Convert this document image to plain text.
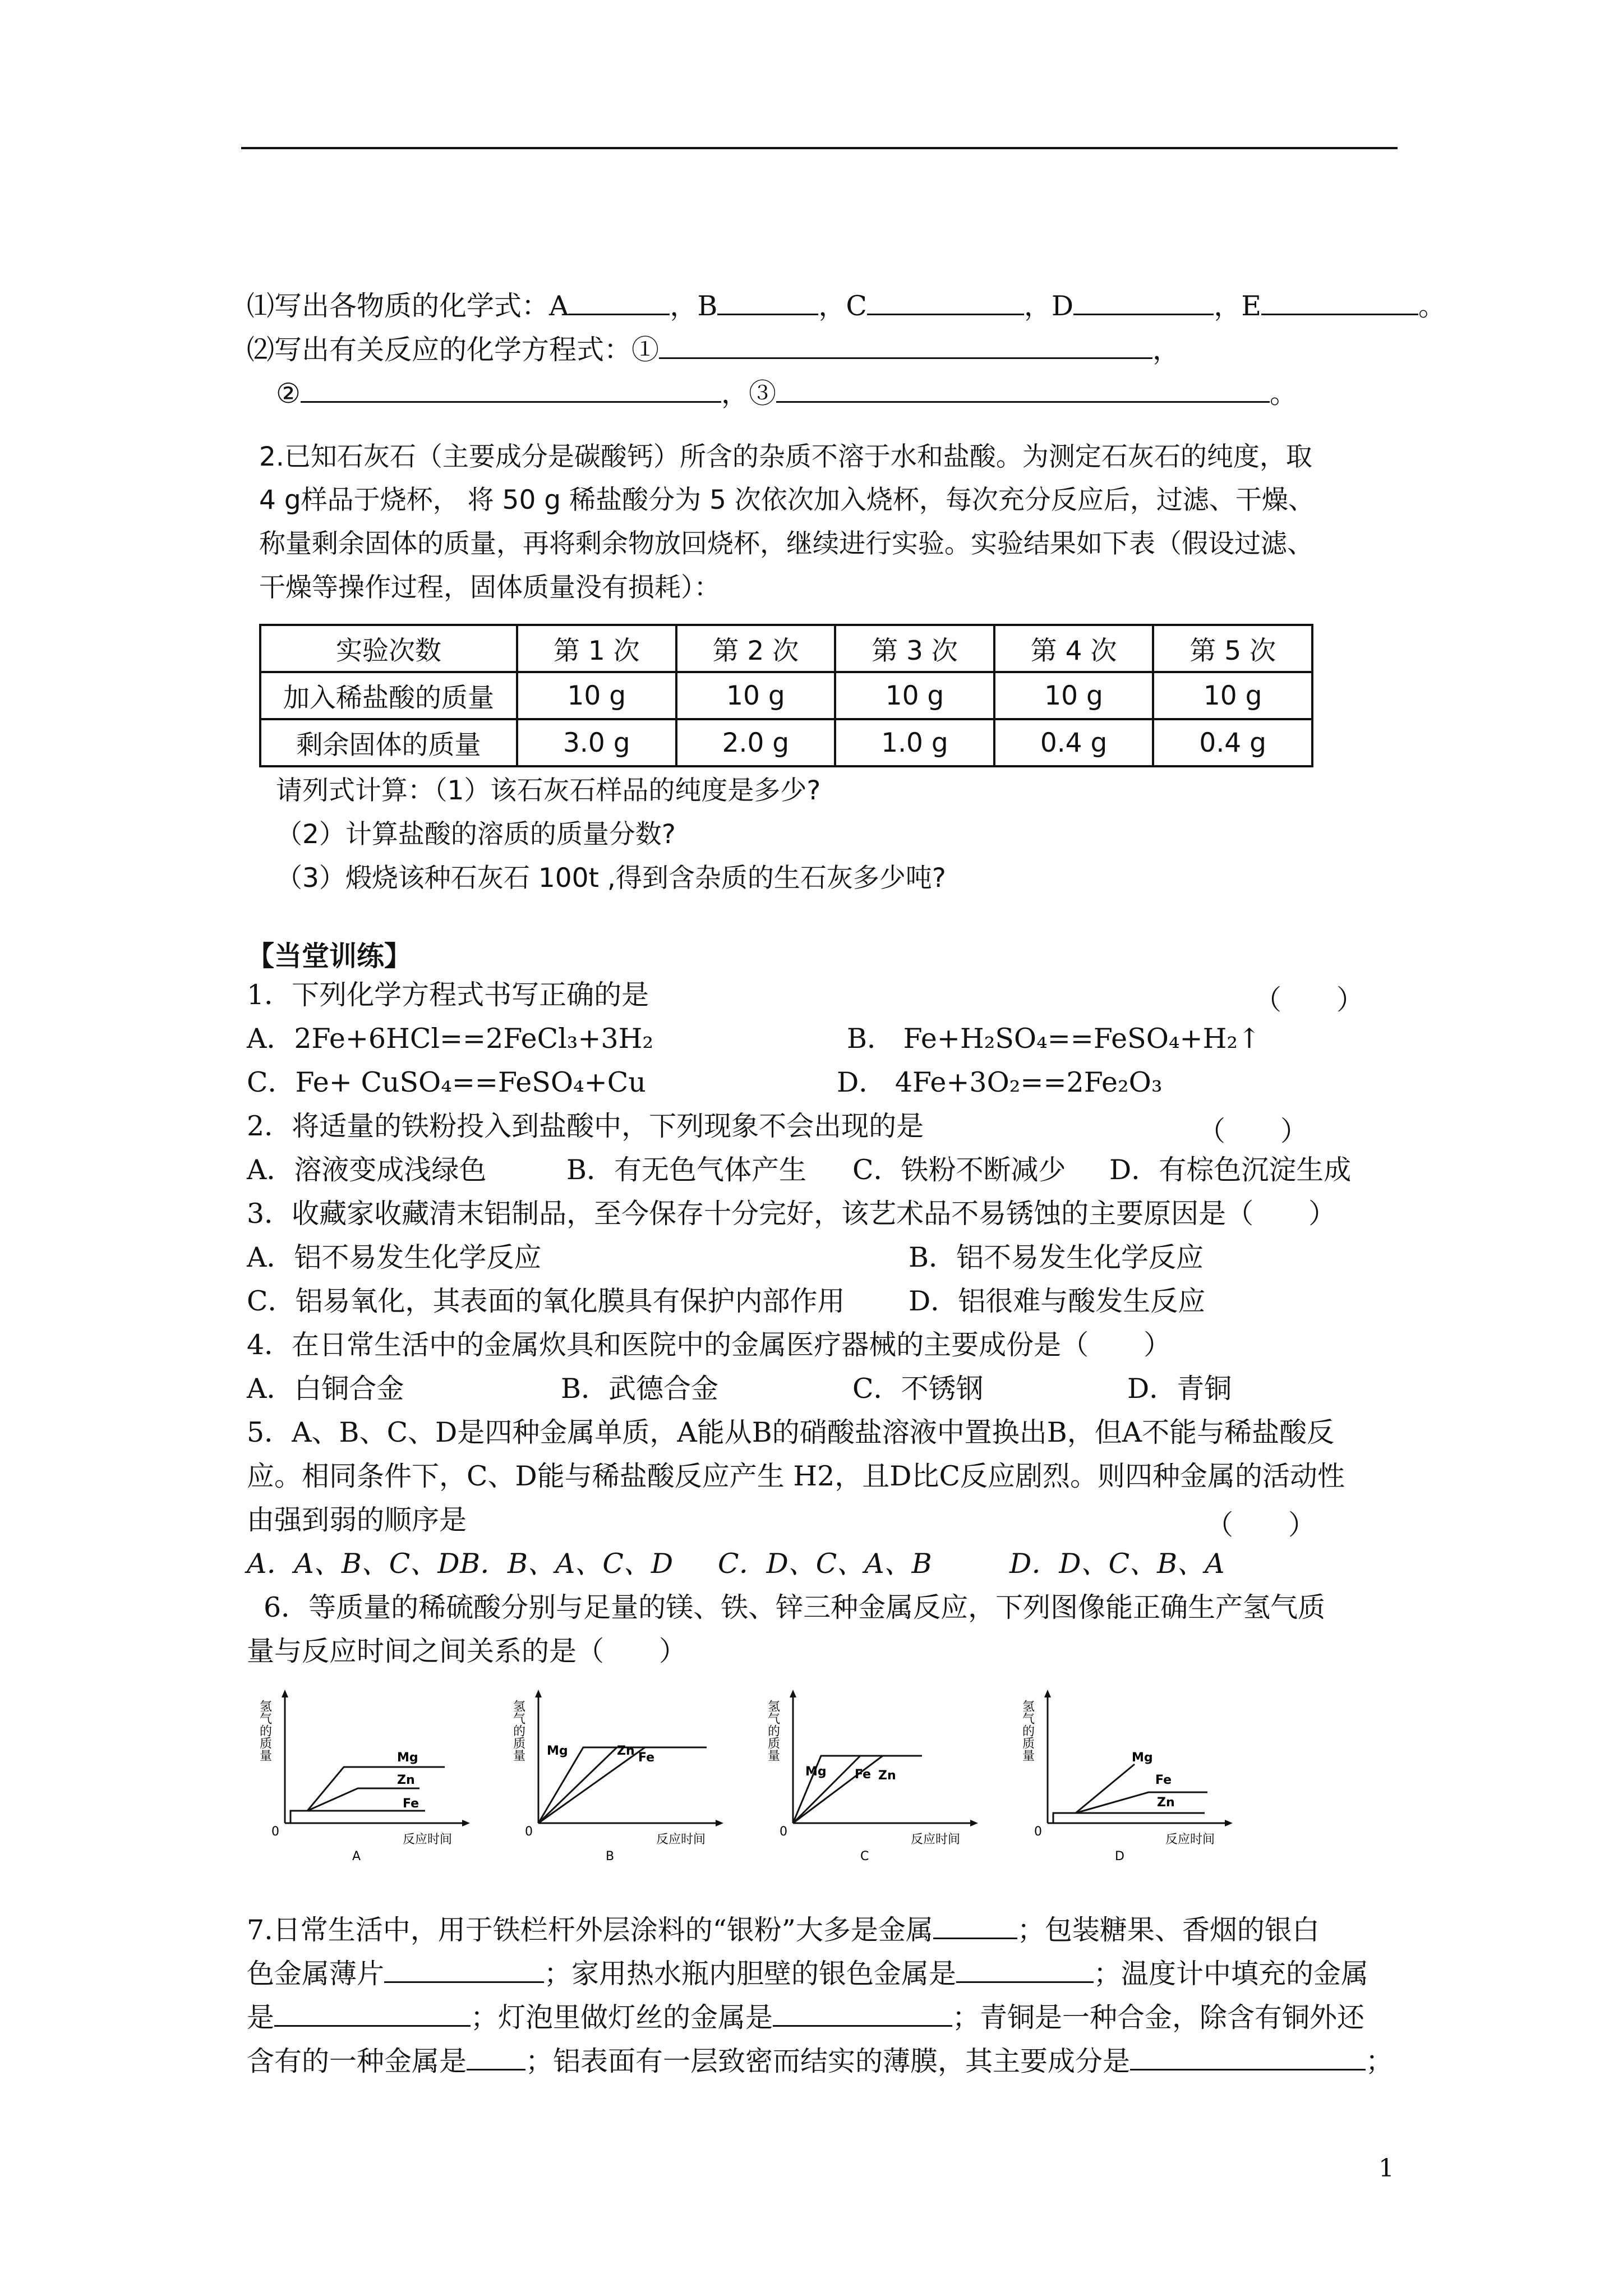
⑴写出各物质的化学式：A	，B	，C	，D	，E	。
⑵写出有关反应的化学方程式：①	，
②	，③	。
2.已知石灰石（主要成分是碳酸钙）所含的杂质不溶于水和盐酸。为测定石灰石的纯度，取
4 g样品于烧杯， 将 50 g 稀盐酸分为 5 次依次加入烧杯，每次充分反应后，过滤、干燥、
称量剩余固体的质量，再将剩余物放回烧杯，继续进行实验。实验结果如下表（假设过滤、
干燥等操作过程，固体质量没有损耗）：
实验次数	第 1 次	第 2 次	第 3 次	第 4 次	第 5 次
加入稀盐酸的质量	10 g	10 g	10 g	10 g	10 g
剩余固体的质量	3.0 g	2.0 g	1.0 g	0.4 g	0.4 g
请列式计算：（1）该石灰石样品的纯度是多少?
（2）计算盐酸的溶质的质量分数?
（3）煅烧该种石灰石 100t ,得到含杂质的生石灰多少吨?
【当堂训练】
1．下列化学方程式书写正确的是	（　　）
A．2Fe+6HCl==2FeCl₃+3H₂	B． Fe+H₂SO₄==FeSO₄+H₂↑
C．Fe+ CuSO₄==FeSO₄+Cu	D． 4Fe+3O₂==2Fe₂O₃
2．将适量的铁粉投入到盐酸中，下列现象不会出现的是	（　　）
A．溶液变成浅绿色	B．有无色气体产生 C．铁粉不断减少 D．有棕色沉淀生成
3．收藏家收藏清末铝制品，至今保存十分完好，该艺术品不易锈蚀的主要原因是（　　）
A．铝不易发生化学反应	B．铝不易发生化学反应
C．铝易氧化，其表面的氧化膜具有保护内部作用 D．铝很难与酸发生反应
4．在日常生活中的金属炊具和医院中的金属医疗器械的主要成份是（　　）
A．白铜合金	B．武德合金	C．不锈钢	D．青铜
5．A、B、C、D是四种金属单质，A能从B的硝酸盐溶液中置换出B，但A不能与稀盐酸反
应。相同条件下，C、D能与稀盐酸反应产生 H2，且D比C反应剧烈。则四种金属的活动性
由强到弱的顺序是	（　　）
A．A、B、C、D B．B、A、C、D C．D、C、A、B	D．D、C、B、A
6．等质量的稀硫酸分别与足量的镁、铁、锌三种金属反应，下列图像能正确生产氢气质
量与反应时间之间关系的是（　　）
氢气的质量
0
反应时间
A
Mg
Zn
Fe
氢气的质量
0
反应时间
B
Mg	Zn Fe	氢气的质量
0
反应时间
C
Mg Fe Zn
氢气的质量
0
反应时间
D
Mg
Fe
Zn
7.日常生活中，用于铁栏杆外层涂料的“银粉”大多是金属	；包装糖果、香烟的银白
色金属薄片	；家用热水瓶内胆壁的银色金属是	；温度计中填充的金属
是	；灯泡里做灯丝的金属是	；青铜是一种合金，除含有铜外还
含有的一种金属是 ；铝表面有一层致密而结实的薄膜，其主要成分是	；
1
